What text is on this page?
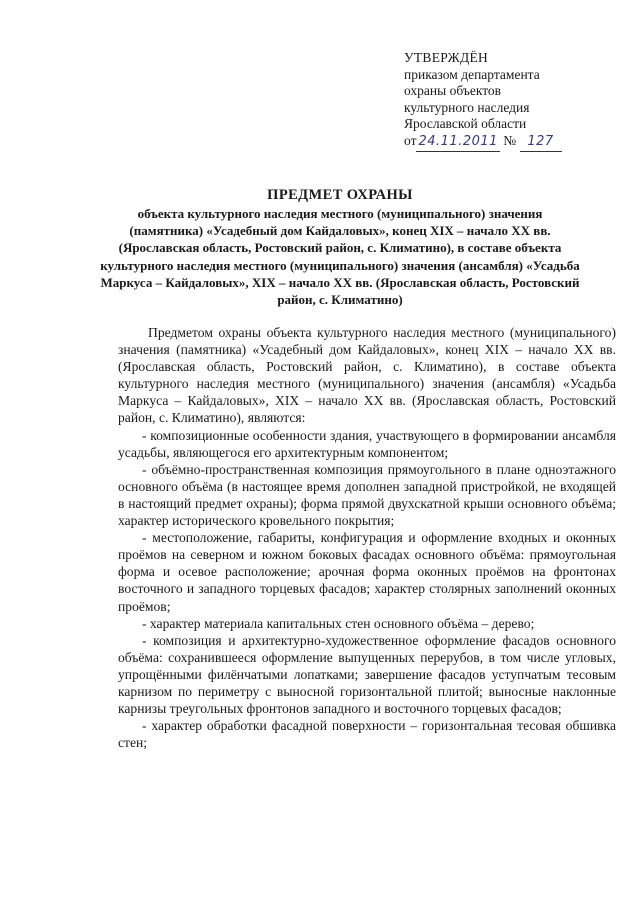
УТВЕРЖДЁН
приказом департамента
охраны объектов
культурного наследия
Ярославской области
от 24.11.2011 № 127
ПРЕДМЕТ ОХРАНЫ
объекта культурного наследия местного (муниципального) значения (памятника) «Усадебный дом Кайдаловых», конец XIX – начало XX вв. (Ярославская область, Ростовский район, с. Климатино), в составе объекта культурного наследия местного (муниципального) значения (ансамбля) «Усадьба Маркуса – Кайдаловых», XIX – начало XX вв. (Ярославская область, Ростовский район, с. Климатино)

Предметом охраны объекта культурного наследия местного (муниципального) значения (памятника) «Усадебный дом Кайдаловых», конец XIX – начало XX вв. (Ярославская область, Ростовский район, с. Климатино), в составе объекта культурного наследия местного (муниципального) значения (ансамбля) «Усадьба Маркуса – Кайдаловых», XIX – начало XX вв. (Ярославская область, Ростовский район, с. Климатино), являются:

- композиционные особенности здания, участвующего в формировании ансамбля усадьбы, являющегося его архитектурным компонентом;

- объёмно-пространственная композиция прямоугольного в плане одноэтажного основного объёма (в настоящее время дополнен западной пристройкой, не входящей в настоящий предмет охраны); форма прямой двухскатной крыши основного объёма; характер исторического кровельного покрытия;

- местоположение, габариты, конфигурация и оформление входных и оконных проёмов на северном и южном боковых фасадах основного объёма: прямоугольная форма и осевое расположение; арочная форма оконных проёмов на фронтонах восточного и западного торцевых фасадов; характер столярных заполнений оконных проёмов;

- характер материала капитальных стен основного объёма – дерево;

- композиция и архитектурно-художественное оформление фасадов основного объёма: сохранившееся оформление выпущенных перерубов, в том числе угловых, упрощёнными филёнчатыми лопатками; завершение фасадов уступчатым тесовым карнизом по периметру с выносной горизонтальной плитой; выносные наклонные карнизы треугольных фронтонов западного и восточного торцевых фасадов;

- характер обработки фасадной поверхности – горизонтальная тесовая обшивка стен;
